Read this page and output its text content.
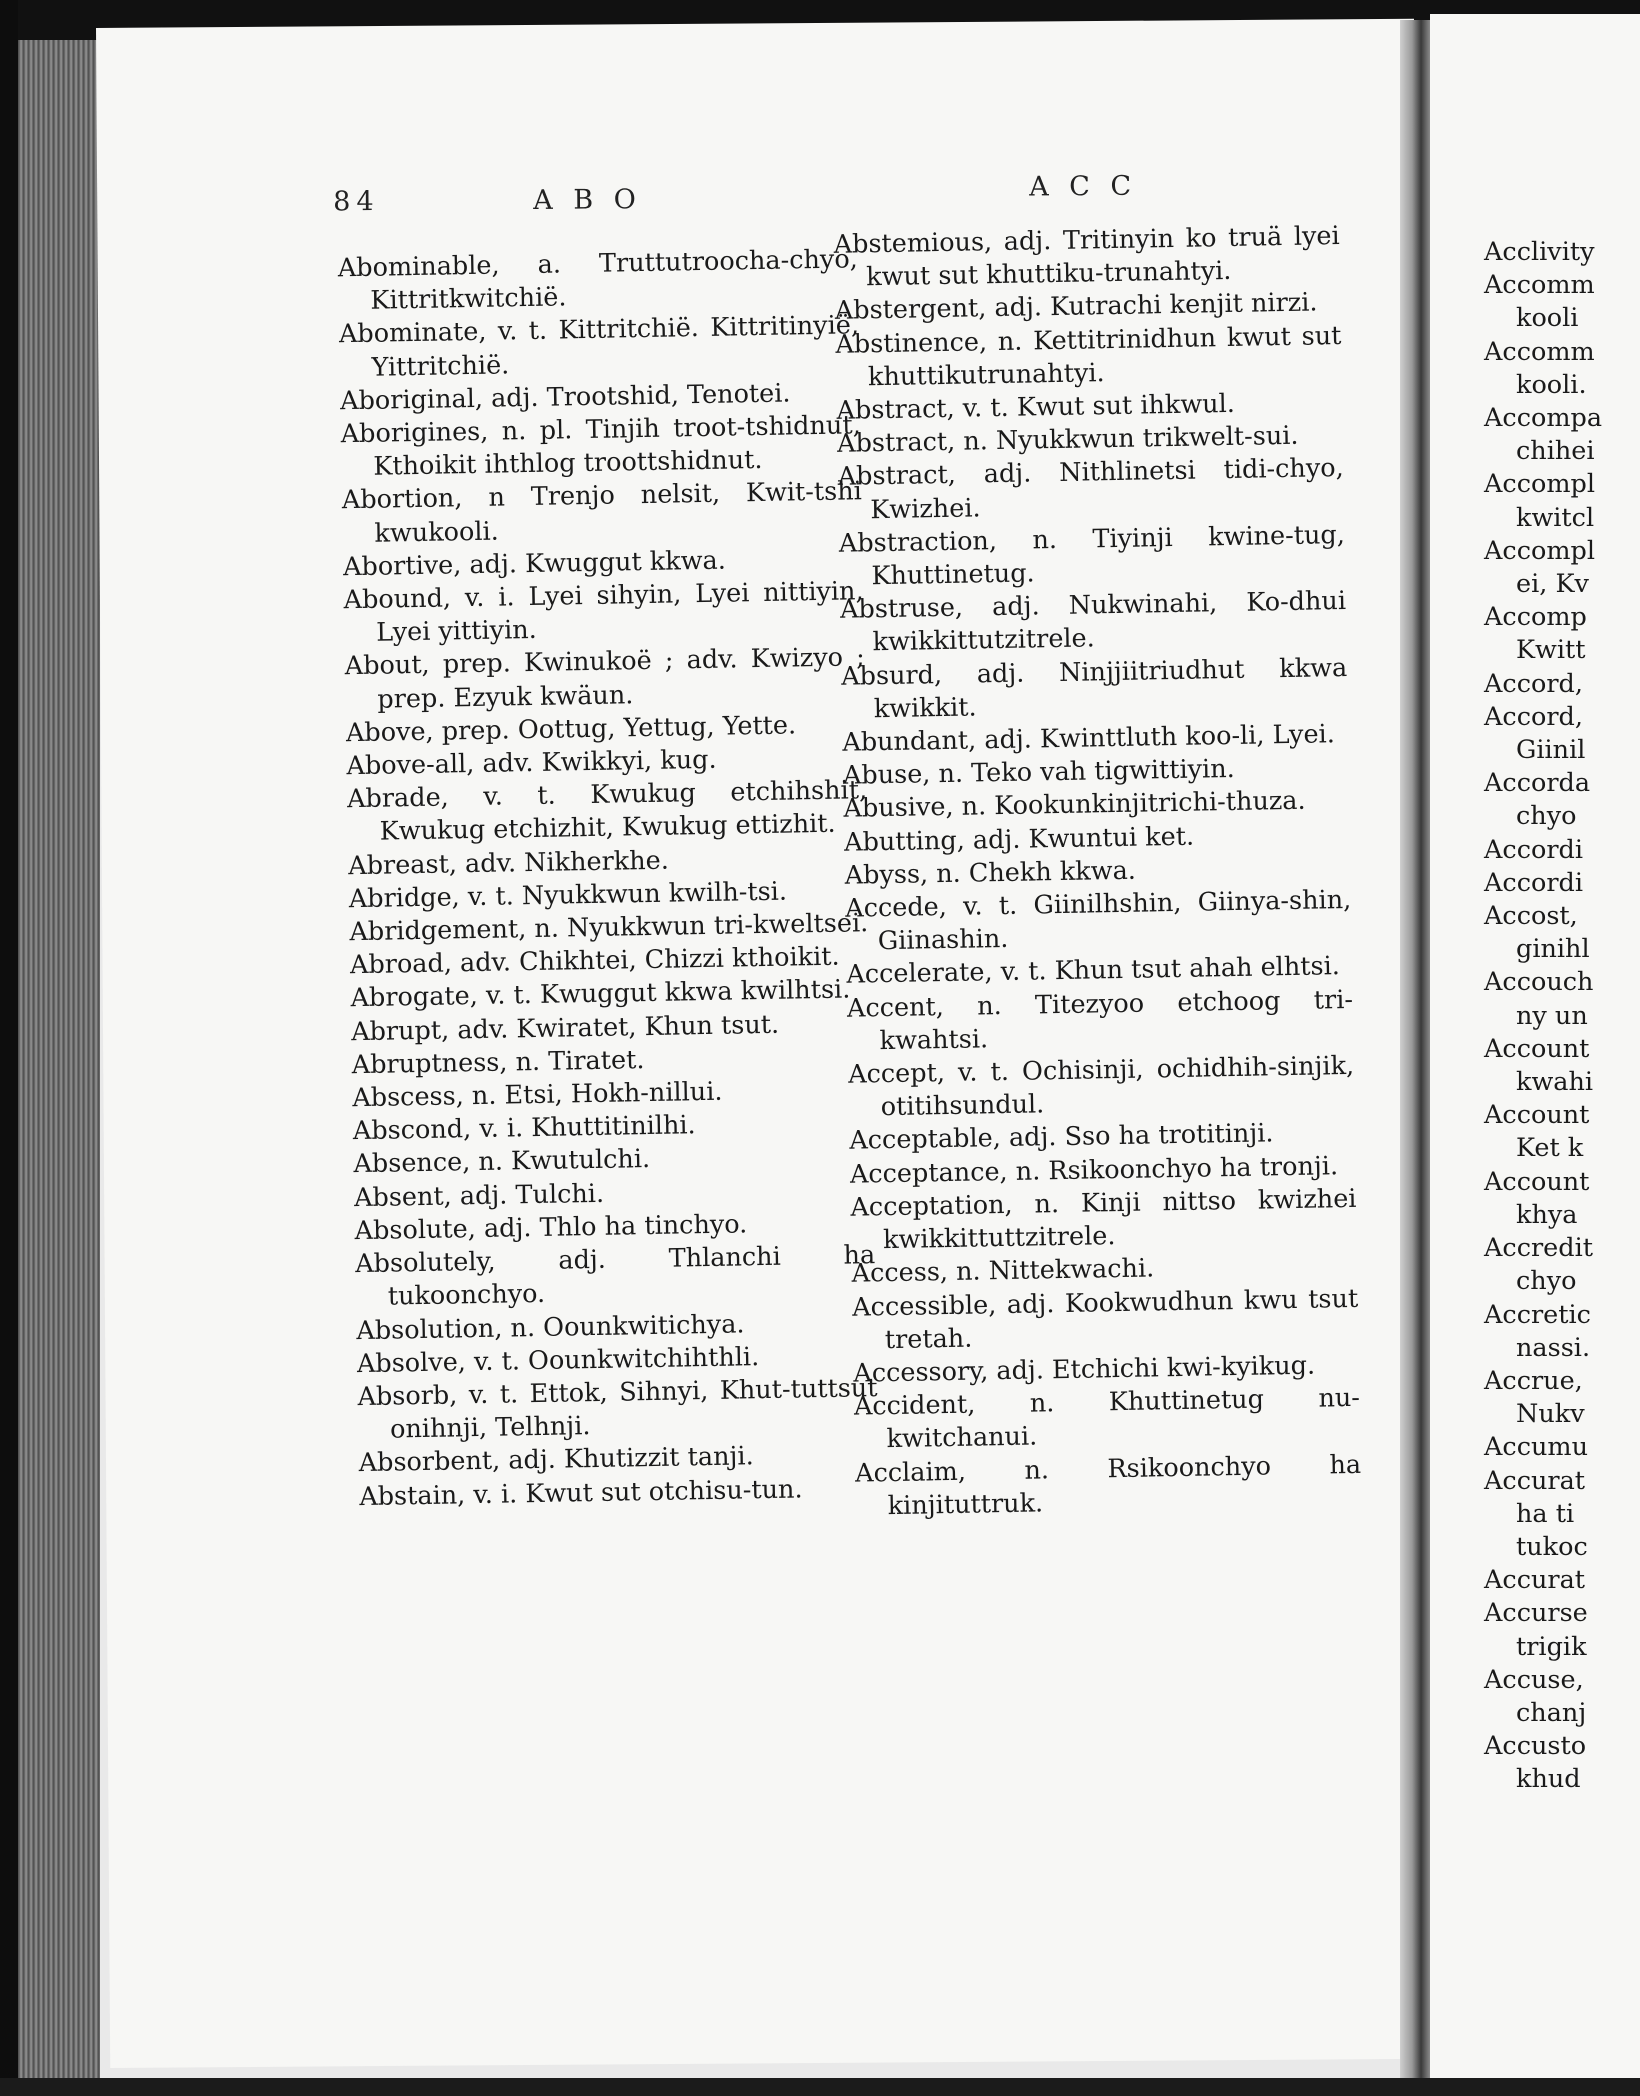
84	A B O	A C C

Abominable, a. Truttutroocha-chyo, Kittritkwitchië.

Abominate, v. t. Kittritchië. Kittritinyië, Yittritchië.

Aboriginal, adj. Trootshid, Tenotei.

Aborigines, n. pl. Tinjih troot-tshidnut, Kthoikit ihthlog troottshidnut.

Abortion, n Trenjo nelsit, Kwit-tshi kwukooli.

Abortive, adj. Kwuggut kkwa.

Abound, v. i. Lyei sihyin, Lyei nittiyin, Lyei yittiyin.

About, prep. Kwinukoë ; adv. Kwizyo ; prep. Ezyuk kwäun.

Above, prep. Oottug, Yettug, Yette.

Above-all, adv. Kwikkyi, kug.

Abrade, v. t. Kwukug etchihshit, Kwukug etchizhit, Kwukug ettizhit.

Abreast, adv. Nikherkhe.

Abridge, v. t. Nyukkwun kwilh-tsi.

Abridgement, n. Nyukkwun tri-kweltsei.

Abroad, adv. Chikhtei, Chizzi kthoikit.

Abrogate, v. t. Kwuggut kkwa kwilhtsi.

Abrupt, adv. Kwiratet, Khun tsut.

Abruptness, n. Tiratet.

Abscess, n. Etsi, Hokh-nillui.

Abscond, v. i. Khuttitinilhi.

Absence, n. Kwutulchi.

Absent, adj. Tulchi.

Absolute, adj. Thlo ha tinchyo.

Absolutely, adj. Thlanchi ha tukoonchyo.

Absolution, n. Oounkwitichya.

Absolve, v. t. Oounkwitchihthli.

Absorb, v. t. Ettok, Sihnyi, Khut-tuttsut onihnji, Telhnji.

Absorbent, adj. Khutizzit tanji.

Abstain, v. i. Kwut sut otchisu-tun.

Abstemious, adj. Tritinyin ko truä lyei kwut sut khuttiku-trunahtyi.

Abstergent, adj. Kutrachi kenjit nirzi.

Abstinence, n. Kettitrinidhun kwut sut khuttikutrunahtyi.

Abstract, v. t. Kwut sut ihkwul.

Abstract, n. Nyukkwun trikwelt-sui.

Abstract, adj. Nithlinetsi tidi-chyo, Kwizhei.

Abstraction, n. Tiyinji kwine-tug, Khuttinetug.

Abstruse, adj. Nukwinahi, Ko-dhui kwikkittutzitrele.

Absurd, adj. Ninjjiitriudhut kkwa kwikkit.

Abundant, adj. Kwinttluth koo-li, Lyei.

Abuse, n. Teko vah tigwittiyin.

Abusive, n. Kookunkinjitrichi-thuza.

Abutting, adj. Kwuntui ket.

Abyss, n. Chekh kkwa.

Accede, v. t. Giinilhshin, Giinya-shin, Giinashin.

Accelerate, v. t. Khun tsut ahah elhtsi.

Accent, n. Titezyoo etchoog tri-kwahtsi.

Accept, v. t. Ochisinji, ochidhih-sinjik, otitihsundul.

Acceptable, adj. Sso ha trotitinji.

Acceptance, n. Rsikoonchyo ha tronji.

Acceptation, n. Kinji nittso kwizhei kwikkittuttzitrele.

Access, n. Nittekwachi.

Accessible, adj. Kookwudhun kwu tsut tretah.

Accessory, adj. Etchichi kwi-kyikug.

Accident, n. Khuttinetug nu-kwitchanui.

Acclaim, n. Rsikoonchyo ha kinjituttruk.

Acclivity
Accomm
kooli
Accomm
kooli.
Accompa
chihei
Accompl
kwitcl
Accompl
ei, Kv
Accomp
Kwitt
Accord,
Accord,
Giinil
Accorda
chyo
Accordi
Accordi
Accost,
ginihl
Accouch
ny un
Account
kwahi
Account
Ket k
Account
khya
Accredit
chyo
Accretic
nassi.
Accrue,
Nukv
Accumu
Accurat
ha ti
tukoc
Accurat
Accurse
trigik
Accuse,
chanj
Accusto
khud
